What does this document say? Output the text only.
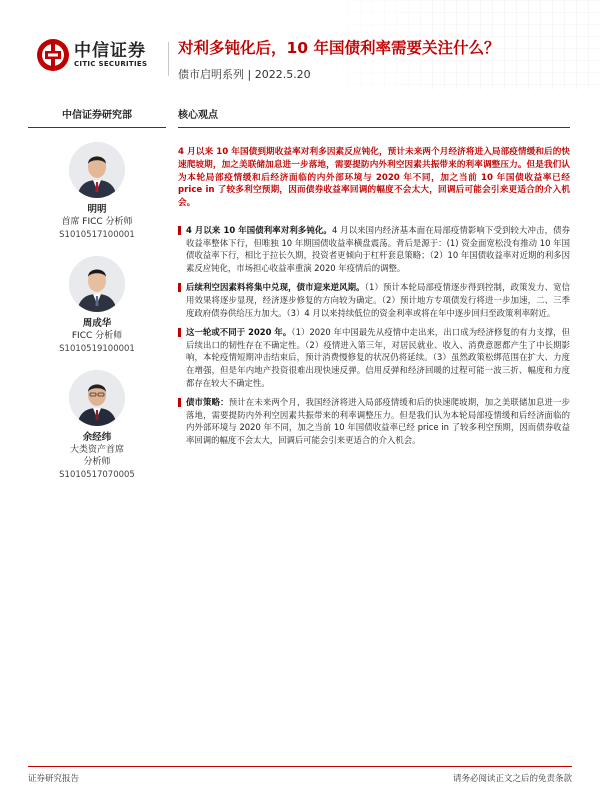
中信证券
CITIC SECURITIES
对利多钝化后，10 年国债利率需要关注什么？
债市启明系列 | 2022.5.20
中信证券研究部
明明
首席 FICC 分析师
S1010517100001
周成华
FICC 分析师
S1010519100001
余经纬
大类资产首席
分析师
S1010517070005
核心观点
4 月以来 10 年国债到期收益率对利多因素反应钝化，预计未来两个月经济将进入局部疫情缓和后的快速爬坡期，加之美联储加息进一步落地，需要提防内外利空因素共振带来的利率调整压力。但是我们认为本轮局部疫情缓和后经济面临的内外部环境与 2020 年不同，加之当前 10 年国债收益率已经 price in 了较多利空预期，因而债券收益率回调的幅度不会太大，回调后可能会引来更适合的介入机会。

4 月以来 10 年国债利率对利多钝化。4 月以来国内经济基本面在局部疫情影响下受到较大冲击，债券收益率整体下行，但唯独 10 年期国债收益率横盘震荡。背后是源于：(1) 资金面宽松没有推动 10 年国债收益率下行，相比于拉长久期，投资者更倾向于杠杆套息策略；（2）10 年国债收益率对近期的利多因素反应钝化，市场担心收益率重演 2020 年疫情后的调整。

后续利空因素料将集中兑现，债市迎来逆风期。（1）预计本轮局部疫情逐步得到控制，政策发力、宽信用效果将逐步显现，经济逐步修复的方向较为确定。（2）预计地方专项债发行将进一步加速，二、三季度政府债券供给压力加大。（3）4 月以来持续低位的资金利率或将在年中逐步回归至政策利率附近。

这一轮或不同于 2020 年。（1）2020 年中国最先从疫情中走出来，出口成为经济修复的有力支撑，但后续出口的韧性存在不确定性。（2）疫情进入第三年，对居民就业、收入、消费意愿都产生了中长期影响，本轮疫情短期冲击结束后，预计消费慢修复的状况仍将延续。（3）虽然政策松绑范围在扩大、力度在增强，但是年内地产投资很难出现快速反弹。信用反弹和经济回暖的过程可能一波三折、幅度和力度都存在较大不确定性。

债市策略：预计在未来两个月，我国经济将进入局部疫情缓和后的快速爬坡期，加之美联储加息进一步落地，需要提防内外利空因素共振带来的利率调整压力。但是我们认为本轮局部疫情缓和后经济面临的内外部环境与 2020 年不同，加之当前 10 年国债收益率已经 price in 了较多利空预期，因而债券收益率回调的幅度不会太大，回调后可能会引来更适合的介入机会。

证券研究报告	请务必阅读正文之后的免责条款
